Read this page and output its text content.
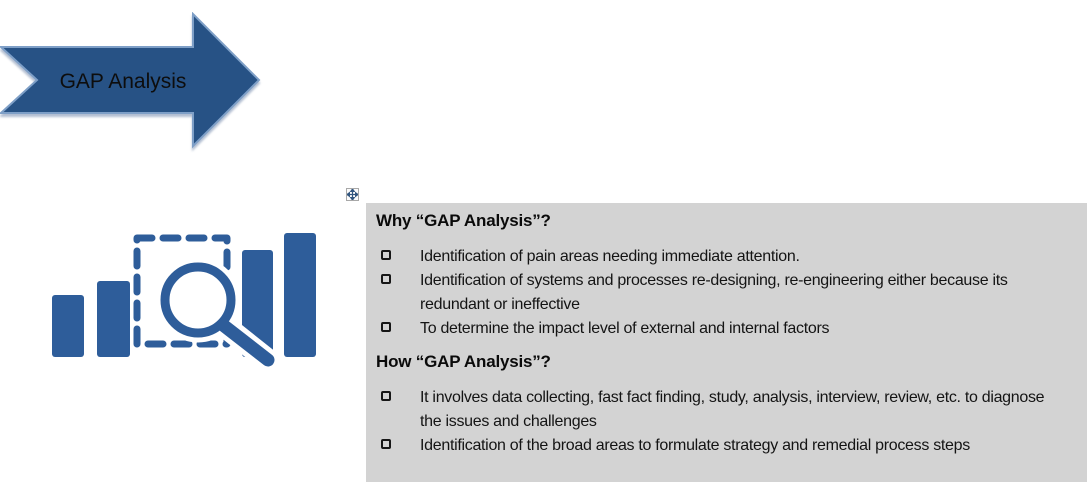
GAP Analysis
Why “GAP Analysis”?
Identification of pain areas needing immediate attention.
Identification of systems and processes re-designing, re-engineering either because its redundant or ineffective
To determine the impact level of external and internal factors
How “GAP Analysis”?
It involves data collecting, fast fact finding, study, analysis, interview, review, etc. to diagnose the issues and challenges
Identification of the broad areas to formulate strategy and remedial process steps
